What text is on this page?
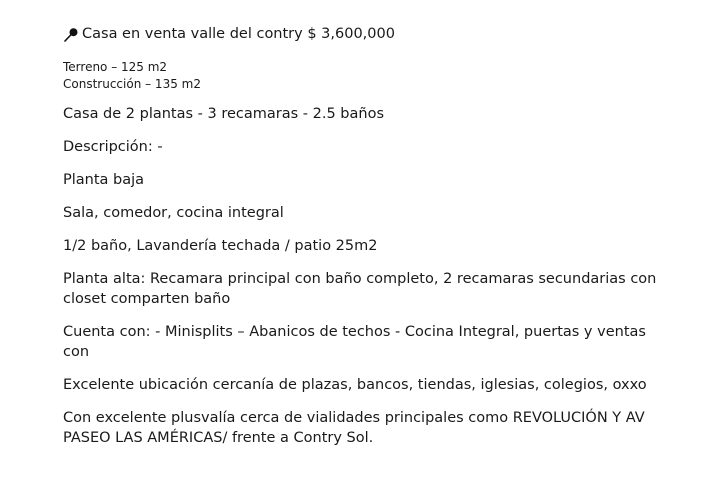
Casa en venta valle del contry $ 3,600,000
Terreno – 125 m2
Construcción – 135 m2
Casa de 2 plantas - 3 recamaras - 2.5 baños
Descripción: -
Planta baja
Sala, comedor, cocina integral
1/2 baño, Lavandería techada / patio 25m2
Planta alta: Recamara principal con baño completo, 2 recamaras secundarias con closet comparten baño
Cuenta con: - Minisplits – Abanicos de techos - Cocina Integral, puertas y ventas con
Excelente ubicación cercanía de plazas, bancos, tiendas, iglesias, colegios, oxxo
Con excelente plusvalía cerca de vialidades principales como REVOLUCIÓN Y AV PASEO LAS AMÉRICAS/ frente a Contry Sol.
